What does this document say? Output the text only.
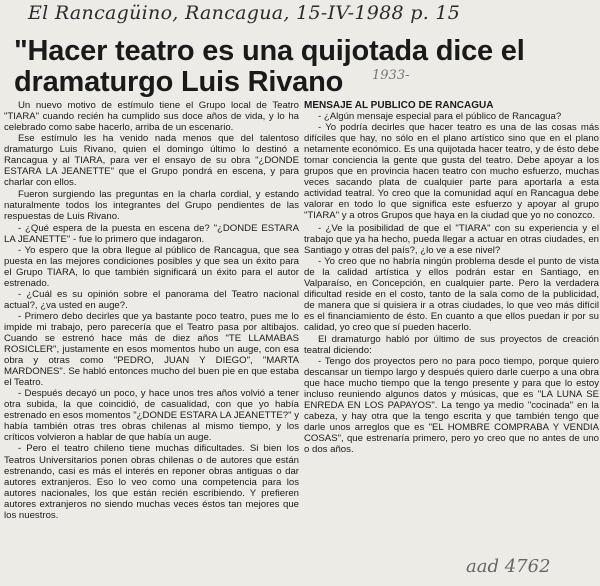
El Rancagüino, Rancagua, 15-IV-1988 p. 15
1933-
aad 4762
"Hacer teatro es una quijotada dice el dramaturgo Luis Rivano

Un nuevo motivo de estímulo tiene el Grupo local de Teatro "TIARA" cuando recién ha cumplido sus doce años de vida, y lo ha celebrado como sabe hacerlo, arriba de un escenario.

Ese estímulo les ha venido nada menos que del talentoso dramaturgo Luis Rivano, quien el domingo último lo destinó a Rancagua y al TIARA, para ver el ensayo de su obra "¿DONDE ESTARA LA JEANETTE" que el Grupo pondrá en escena, y para charlar con ellos.

Fueron surgiendo las preguntas en la charla cordial, y estando naturalmente todos los integrantes del Grupo pendientes de las respuestas de Luis Rivano.

- ¿Qué espera de la puesta en escena de? "¿DONDE ESTARA LA JEANETTE" - fue lo primero que indagaron.

- Yo espero que la obra llegue al público de Rancagua, que sea puesta en las mejores condiciones posibles y que sea un éxito para el Grupo TIARA, lo que también significará un éxito para el autor estrenado.

- ¿Cuál es su opinión sobre el panorama del Teatro nacional actual?, ¿va usted en auge?.

- Primero debo decirles que ya bastante poco teatro, pues me lo impide mi trabajo, pero parecería que el Teatro pasa por altibajos. Cuando se estrenó hace más de diez años "TE LLAMABAS ROSICLER", justamente en esos momentos hubo un auge, con esa obra y otras como "PEDRO, JUAN Y DIEGO", "MARTA MARDONES". Se habló entonces mucho del buen pie en que estaba el Teatro.

- Después decayó un poco, y hace unos tres años volvió a tener otra subida, la que coincidió, de casualidad, con que yo había estrenado en esos momentos "¿DONDE ESTARA LA JEANETTE?" y había también otras tres obras chilenas al mismo tiempo, y los críticos volvieron a hablar de que había un auge.

- Pero el teatro chileno tiene muchas dificultades. Si bien los Teatros Universitarios ponen obras chilenas o de autores que están estrenando, casi es más el interés en reponer obras antiguas o dar autores extranjeros. Eso lo veo como una competencia para los autores nacionales, los que están recién escribiendo. Y prefieren autores extranjeros no siendo muchas veces éstos tan mejores que los nuestros.

MENSAJE AL PUBLICO DE RANCAGUA

- ¿Algún mensaje especial para el público de Rancagua?

- Yo podría decirles que hacer teatro es una de las cosas más difíciles que hay, no sólo en el plano artístico sino que en el plano netamente económico. Es una quijotada hacer teatro, y de ésto debe tomar conciencia la gente que gusta del teatro. Debe apoyar a los grupos que en provincia hacen teatro con mucho esfuerzo, muchas veces sacando plata de cualquier parte para aportarla a esta actividad teatral. Yo creo que la comunidad aquí en Rancagua debe valorar en todo lo que significa este esfuerzo y apoyar al grupo "TIARA" y a otros Grupos que haya en la ciudad que yo no conozco.

- ¿Ve la posibilidad de que el "TIARA" con su experiencia y el trabajo que ya ha hecho, pueda llegar a actuar en otras ciudades, en Santiago y otras del país?, ¿lo ve a ese nivel?

- Yo creo que no habría ningún problema desde el punto de vista de la calidad artística y ellos podrán estar en Santiago, en Valparaíso, en Concepción, en cualquier parte. Pero la verdadera dificultad reside en el costo, tanto de la sala como de la publicidad, de manera que si quisiera ir a otras ciudades, lo que veo más difícil es el financiamiento de ésto. En cuanto a que ellos puedan ir por su calidad, yo creo que sí pueden hacerlo.

El dramaturgo habló por último de sus proyectos de creación teatral diciendo:

- Tengo dos proyectos pero no para poco tiempo, porque quiero descansar un tiempo largo y después quiero darle cuerpo a una obra que hace mucho tiempo que la tengo presente y para que lo estoy incluso reuniendo algunos datos y músicas, que es "LA LUNA SE ENREDA EN LOS PAPAYOS". La tengo ya medio "cocinada" en la cabeza, y hay otra que la tengo escrita y que también tengo que darle unos arreglos que es "EL HOMBRE COMPRABA Y VENDIA COSAS", que estrenaría primero, pero yo creo que no antes de uno o dos años.
